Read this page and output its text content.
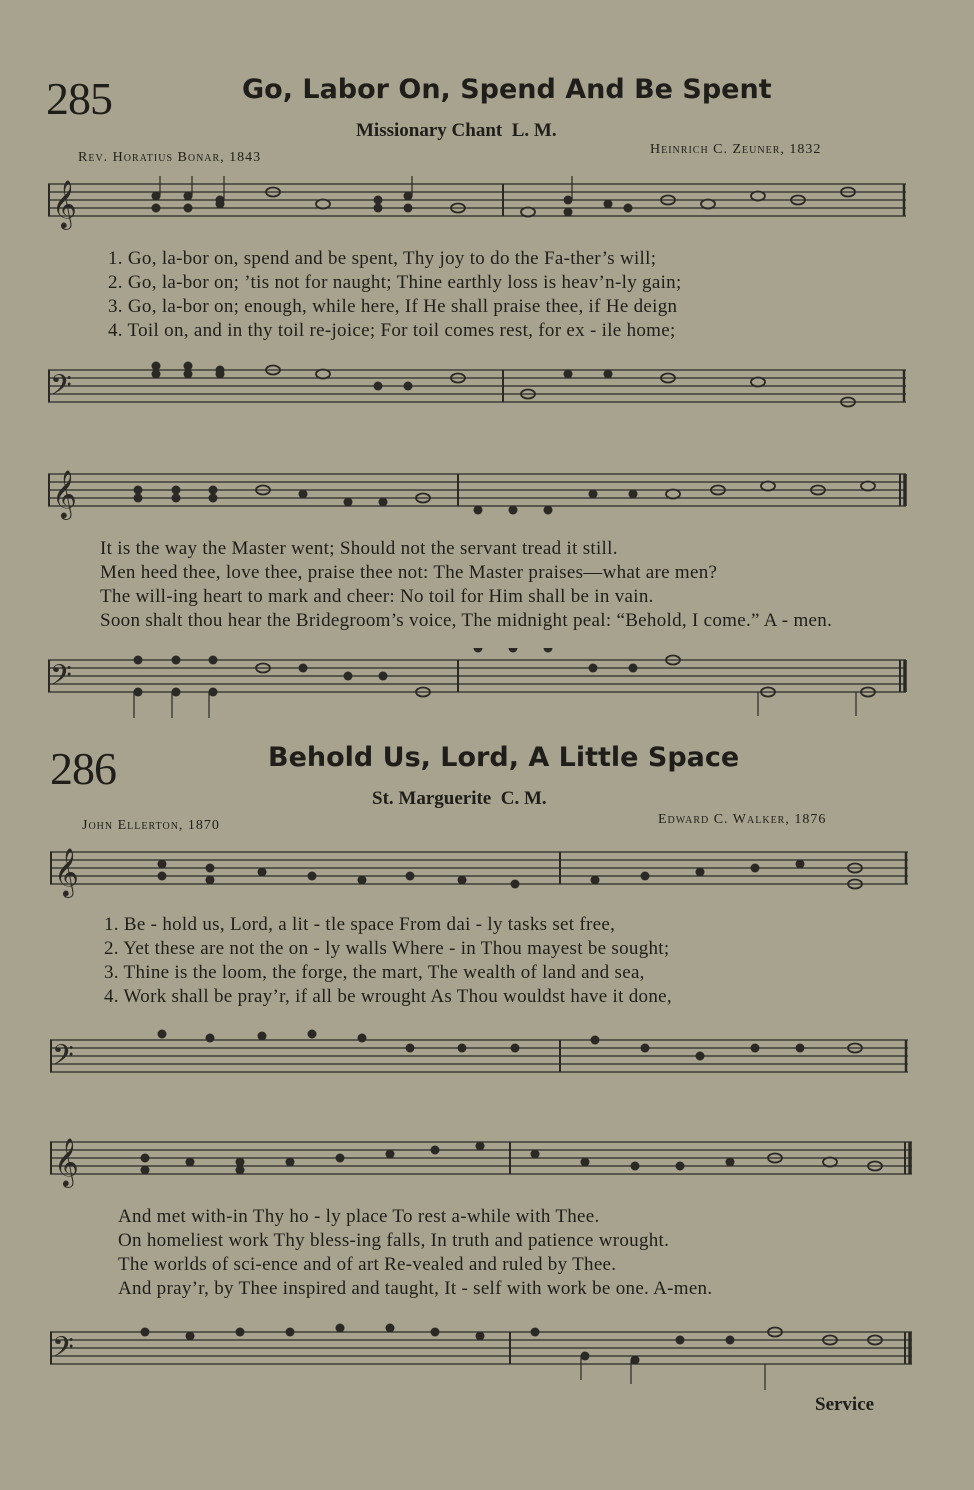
285	Go, Labor On, Spend And Be Spent
Missionary Chant L. M.
Rev. Horatius Bonar, 1843
Heinrich C. Zeuner, 1832
𝄞
1. Go, la-bor on, spend and be spent, Thy joy to do the Fa-ther’s will;
2. Go, la-bor on; ’tis not for naught; Thine earthly loss is heav’n-ly gain;
3. Go, la-bor on; enough, while here, If He shall praise thee, if He deign
4. Toil on, and in thy toil re-joice; For toil comes rest, for ex - ile home;
𝄢
𝄞
It is the way the Master went; Should not the servant tread it still.
Men heed thee, love thee, praise thee not: The Master praises—what are men?
The will-ing heart to mark and cheer: No toil for Him shall be in vain.
Soon shalt thou hear the Bridegroom’s voice, The midnight peal: “Behold, I come.” A - men.
𝄢
286	Behold Us, Lord, A Little Space
St. Marguerite C. M.
John Ellerton, 1870	Edward C. Walker, 1876
𝄞
1. Be - hold us, Lord, a lit - tle space From dai - ly tasks set free,
2. Yet these are not the on - ly walls Where - in Thou mayest be sought;
3. Thine is the loom, the forge, the mart, The wealth of land and sea,
4. Work shall be pray’r, if all be wrought As Thou wouldst have it done,
𝄢
𝄞
And met with-in Thy ho - ly place To rest a-while with Thee.
On homeliest work Thy bless-ing falls, In truth and patience wrought.
The worlds of sci-ence and of art Re-vealed and ruled by Thee.
And pray’r, by Thee inspired and taught, It - self with work be one. A-men.
𝄢
Service
